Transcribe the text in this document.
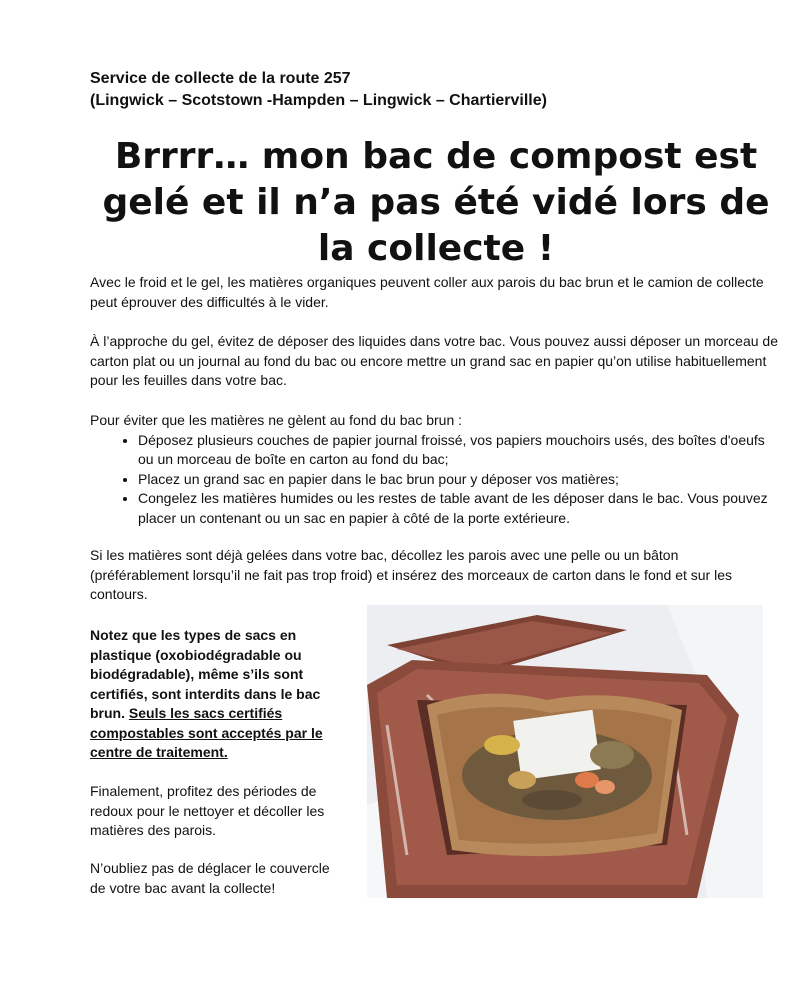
Service de collecte de la route 257
(Lingwick – Scotstown -Hampden – Lingwick – Chartierville)
Brrrr… mon bac de compost est gelé et il n’a pas été vidé lors de la collecte !
Avec le froid et le gel, les matières organiques peuvent coller aux parois du bac brun et le camion de collecte peut éprouver des difficultés à le vider.
À l’approche du gel, évitez de déposer des liquides dans votre bac. Vous pouvez aussi déposer un morceau de carton plat ou un journal au fond du bac ou encore mettre un grand sac en papier qu’on utilise habituellement pour les feuilles dans votre bac.
Pour éviter que les matières ne gèlent au fond du bac brun :
• Déposez plusieurs couches de papier journal froissé, vos papiers mouchoirs usés, des boîtes d'oeufs ou un morceau de boîte en carton au fond du bac;
• Placez un grand sac en papier dans le bac brun pour y déposer vos matières;
• Congelez les matières humides ou les restes de table avant de les déposer dans le bac. Vous pouvez placer un contenant ou un sac en papier à côté de la porte extérieure.
Si les matières sont déjà gelées dans votre bac, décollez les parois avec une pelle ou un bâton (préférablement lorsqu’il ne fait pas trop froid) et insérez des morceaux de carton dans le fond et sur les contours.
Notez que les types de sacs en plastique (oxobiodégradable ou biodégradable), même s’ils sont certifiés, sont interdits dans le bac brun. Seuls les sacs certifiés compostables sont acceptés par le centre de traitement.
Finalement, profitez des périodes de redoux pour le nettoyer et décoller les matières des parois.
N’oubliez pas de déglacer le couvercle de votre bac avant la collecte!
